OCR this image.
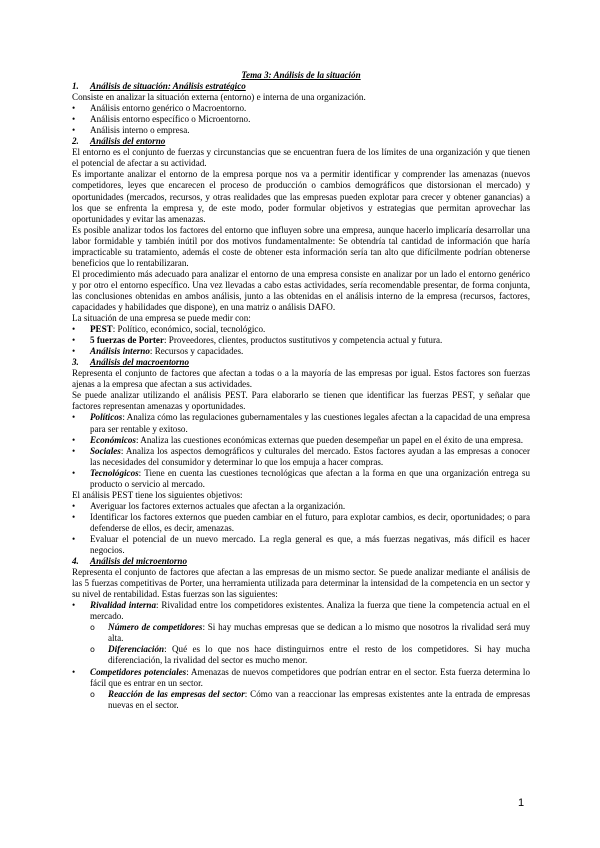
Tema 3: Análisis de la situación
1.	Análisis de situación: Análisis estratégico

Consiste en analizar la situación externa (entorno) e interna de una organización.

•	Análisis entorno genérico o Macroentorno.
•	Análisis entorno específico o Microentorno.
•	Análisis interno o empresa.
2.	Análisis del entorno

El entorno es el conjunto de fuerzas y circunstancias que se encuentran fuera de los límites de una organización y que tienen el potencial de afectar a su actividad.

Es importante analizar el entorno de la empresa porque nos va a permitir identificar y comprender las amenazas (nuevos competidores, leyes que encarecen el proceso de producción o cambios demográficos que distorsionan el mercado) y oportunidades (mercados, recursos, y otras realidades que las empresas pueden explotar para crecer y obtener ganancias) a los que se enfrenta la empresa y, de este modo, poder formular objetivos y estrategias que permitan aprovechar las oportunidades y evitar las amenazas.

Es posible analizar todos los factores del entorno que influyen sobre una empresa, aunque hacerlo implicaría desarrollar una labor formidable y también inútil por dos motivos fundamentalmente: Se obtendría tal cantidad de información que haría impracticable su tratamiento, además el coste de obtener esta información sería tan alto que difícilmente podrían obtenerse beneficios que lo rentabilizaran.

El procedimiento más adecuado para analizar el entorno de una empresa consiste en analizar por un lado el entorno genérico y por otro el entorno específico. Una vez llevadas a cabo estas actividades, sería recomendable presentar, de forma conjunta, las conclusiones obtenidas en ambos análisis, junto a las obtenidas en el análisis interno de la empresa (recursos, factores, capacidades y habilidades que dispone), en una matriz o análisis DAFO.

La situación de una empresa se puede medir con:

•	PEST: Político, económico, social, tecnológico.
•	5 fuerzas de Porter: Proveedores, clientes, productos sustitutivos y competencia actual y futura.
•	Análisis interno: Recursos y capacidades.
3.	Análisis del macroentorno

Representa el conjunto de factores que afectan a todas o a la mayoría de las empresas por igual. Estos factores son fuerzas ajenas a la empresa que afectan a sus actividades.

Se puede analizar utilizando el análisis PEST. Para elaborarlo se tienen que identificar las fuerzas PEST, y señalar que factores representan amenazas y oportunidades.

•	Políticos: Analiza cómo las regulaciones gubernamentales y las cuestiones legales afectan a la capacidad de una empresa para ser rentable y exitoso.
•	Económicos: Analiza las cuestiones económicas externas que pueden desempeñar un papel en el éxito de una empresa.
•	Sociales: Analiza los aspectos demográficos y culturales del mercado. Estos factores ayudan a las empresas a conocer las necesidades del consumidor y determinar lo que los empuja a hacer compras.
•	Tecnológicos: Tiene en cuenta las cuestiones tecnológicas que afectan a la forma en que una organización entrega su producto o servicio al mercado.

El análisis PEST tiene los siguientes objetivos:

•	Averiguar los factores externos actuales que afectan a la organización.
•	Identificar los factores externos que pueden cambiar en el futuro, para explotar cambios, es decir, oportunidades; o para defenderse de ellos, es decir, amenazas.
•	Evaluar el potencial de un nuevo mercado. La regla general es que, a más fuerzas negativas, más difícil es hacer negocios.
4.	Análisis del microentorno

Representa el conjunto de factores que afectan a las empresas de un mismo sector. Se puede analizar mediante el análisis de las 5 fuerzas competitivas de Porter, una herramienta utilizada para determinar la intensidad de la competencia en un sector y su nivel de rentabilidad. Estas fuerzas son las siguientes:

•	Rivalidad interna: Rivalidad entre los competidores existentes. Analiza la fuerza que tiene la competencia actual en el mercado.
o	Número de competidores: Si hay muchas empresas que se dedican a lo mismo que nosotros la rivalidad será muy alta.
o	Diferenciación: Qué es lo que nos hace distinguirnos entre el resto de los competidores. Si hay mucha diferenciación, la rivalidad del sector es mucho menor.
•	Competidores potenciales: Amenazas de nuevos competidores que podrían entrar en el sector. Esta fuerza determina lo fácil que es entrar en un sector.
o	Reacción de las empresas del sector: Cómo van a reaccionar las empresas existentes ante la entrada de empresas nuevas en el sector.
1
